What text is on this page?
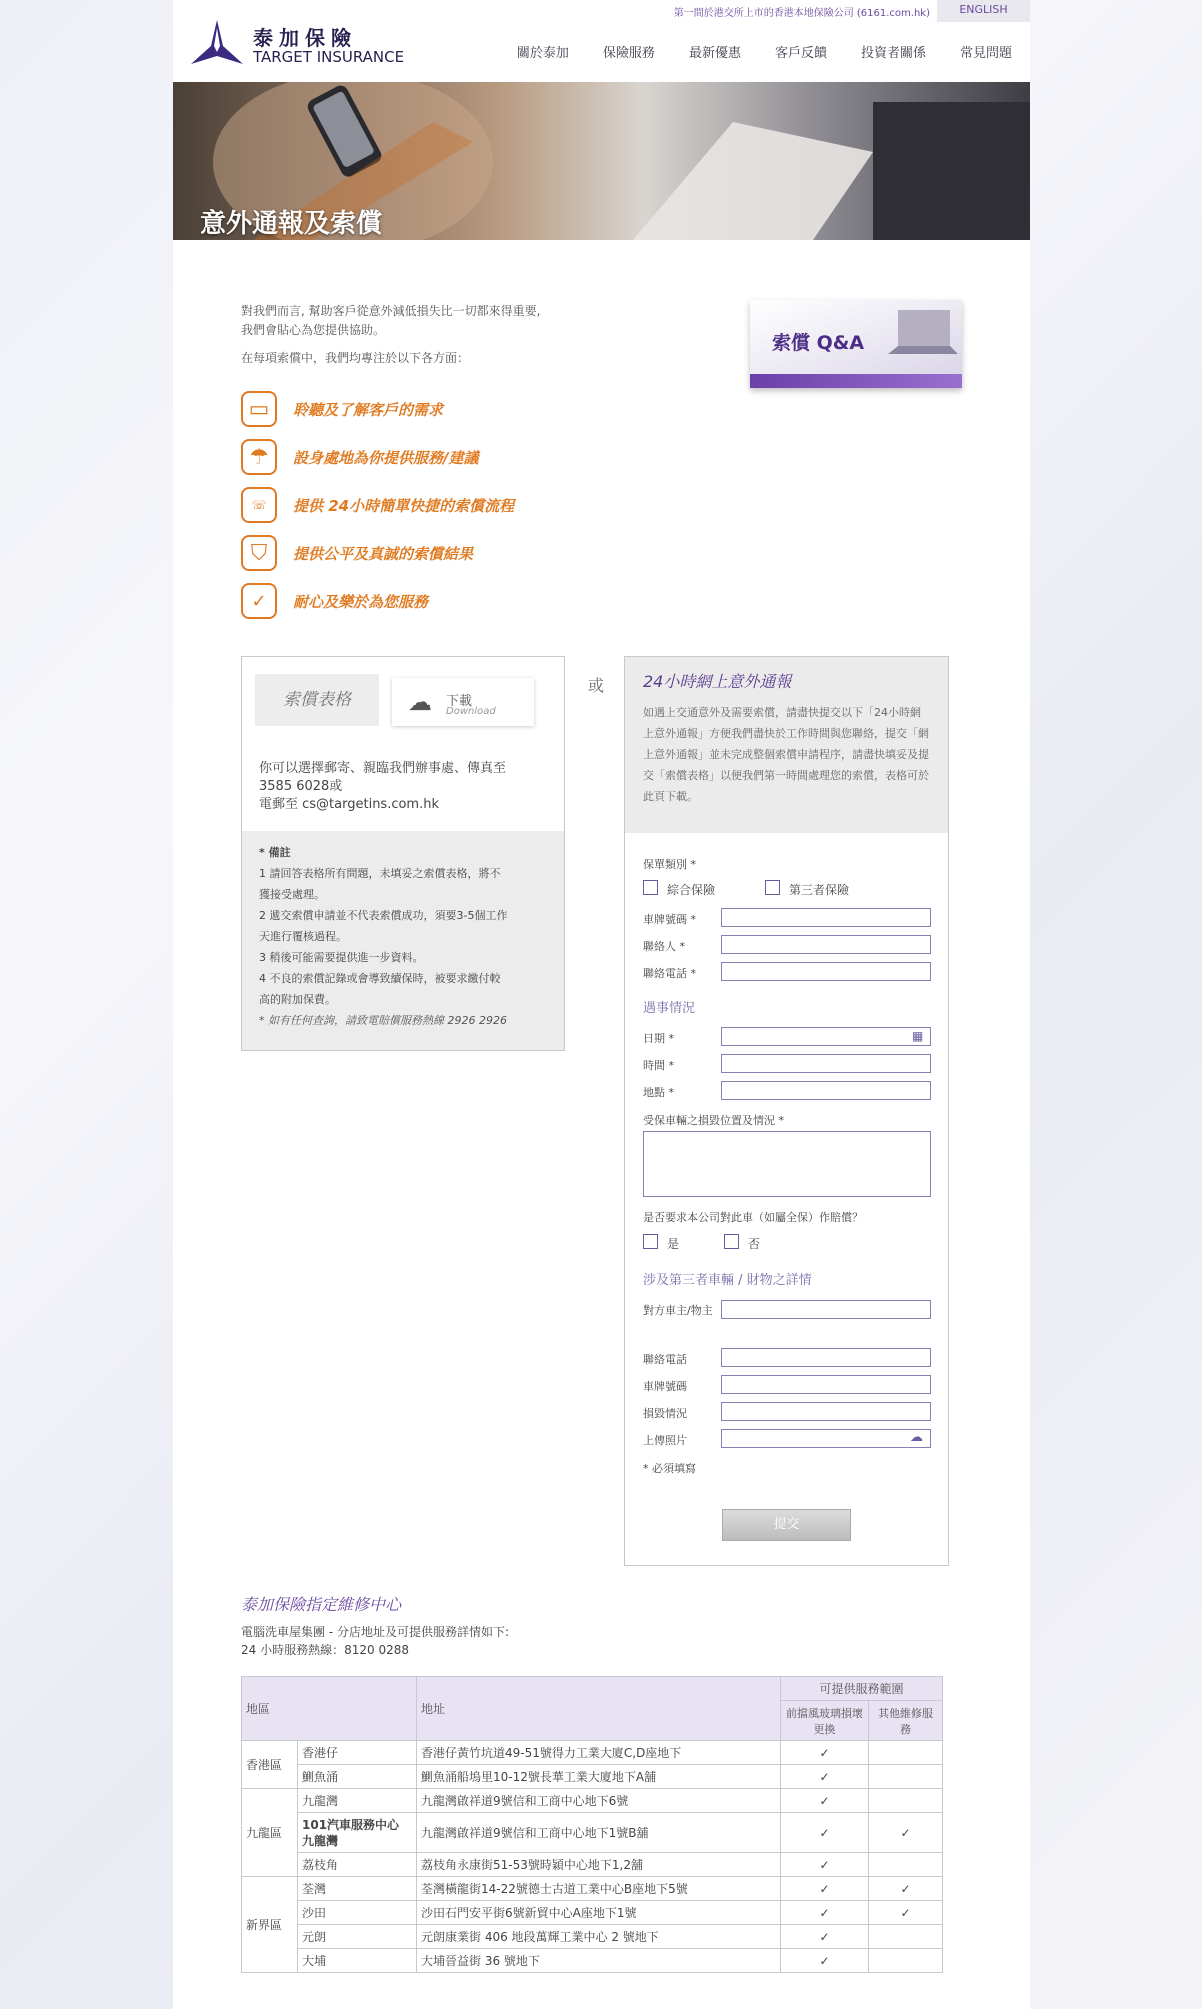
第一間於港交所上市的香港本地保險公司 (6161.com.hk)	ENGLISH
泰加保險
TARGET INSURANCE	關於泰加	保險服務	最新優惠	客戶反饋	投資者關係	常見問題
意外通報及索償
對我們而言, 幫助客戶從意外減低損失比一切都來得重要,
我們會貼心為您提供協助。
在每項索償中，我們均專注於以下各方面：
索償 Q&A
▭	聆聽及了解客戶的需求
☂	設身處地為你提供服務/建議
☏	提供 24小時簡單快捷的索償流程
⛉	提供公平及真誠的索償結果
✓	耐心及樂於為您服務
索償表格	☁	下載
Download
你可以選擇郵寄、親臨我們辦事處、傳真至
3585 6028或
電郵至 cs@targetins.com.hk
* 備註
1 請回答表格所有問題，未填妥之索償表格，將不
獲接受處理。
2 遞交索償申請並不代表索償成功，須要3-5個工作
天進行覆核過程。
3 稍後可能需要提供進一步資料。
4 不良的索償記錄或會導致續保時，被要求繳付較
高的附加保費。
* 如有任何查詢，請致電賠償服務熱線 2926 2926
或 24小時網上意外通報
如遇上交通意外及需要索償，請盡快提交以下「24小時網上意外通報」方便我們盡快於工作時間與您聯絡，提交「網上意外通報」並未完成整個索償申請程序，請盡快填妥及提交「索償表格」以便我們第一時間處理您的索償，表格可於此頁下載。
保單類別 *
綜合保險	第三者保險
車牌號碼 *
聯絡人 *
聯絡電話 *
遇事情況
日期 *	▦
時間 *
地點 *
受保車輛之損毀位置及情況 *
是否要求本公司對此車（如屬全保）作賠償？
是	否
涉及第三者車輛 / 財物之詳情
對方車主/物主
聯絡電話
車牌號碼
損毀情況
上傳照片	☁
* 必須填寫
提交
泰加保險指定維修中心
電腦洗車屋集團 - 分店地址及可提供服務詳情如下:
24 小時服務熱線：8120 0288
地區		地址	可提供服務範圍	
			前擋風玻璃損壞更換	其他維修服務
香港區	香港仔	香港仔黃竹坑道49-51號得力工業大廈C,D座地下	✓	
	鰂魚涌	鰂魚涌船塢里10-12號長華工業大廈地下A舖	✓	
九龍區	九龍灣	九龍灣啟祥道9號信和工商中心地下6號	✓	
	101汽車服務中心 九龍灣	九龍灣啟祥道9號信和工商中心地下1號B舖	✓	✓
	荔枝角	荔枝角永康街51-53號時穎中心地下1,2舖	✓	
新界區	荃灣	荃灣橫龍街14-22號德士古道工業中心B座地下5號	✓	✓
	沙田	沙田石門安平街6號新貿中心A座地下1號	✓	✓
	元朗	元朗康業街 406 地段萬輝工業中心 2 號地下	✓	
	大埔	大埔晉益街 36 號地下	✓	
